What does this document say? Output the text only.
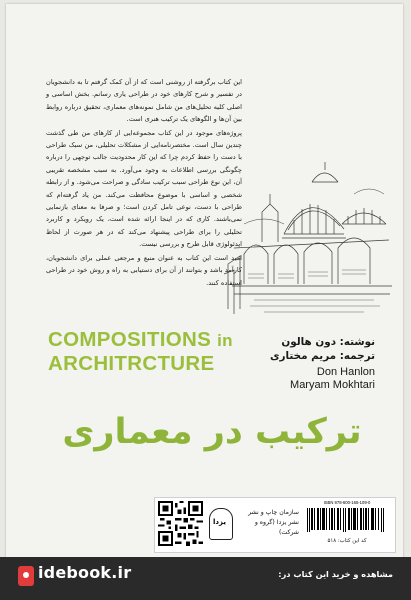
این کتاب برگرفته از روشنی است که از آن کمک گرفتم تا به دانشجویان در تفسیر و شرح کارهای خود در طراحی یاری رسانم. بخش اساسی و اصلی کلیه تحلیل‌های من شامل نمونه‌های معماری، تحقیق درباره روابط بین آن‌ها و الگوهای یک ترکیب هنری است.

پروژه‌های موجود در این کتاب مجموعه‌ایی از کارهای من طی گذشت چندین سال است. مختصرنامه‌ایی از مشکلات تحلیلی، من سبک طراحی با دست را حفظ کردم چرا که این کار محدودیت جالب توجهی را درباره چگونگی بررسی اطلاعات به وجود می‌آورد. به سبب مشخصه تقریبی آن، این نوع طراحی سبب ترکیب سادگی و صراحت می‌شود. و از رابطه شخصی و اساسی با موضوع محافظت می‌کند. من یاد گرفته‌ام که طراحی با دست، نوعی تامل کردن است؛ و صرفا به معنای بازنمایی نمی‌باشند. کاری که در اینجا ارائه شده است، یک رویکرد و کاربرد تحلیلی را برای طراحی پیشنهاد می‌کند که در هر صورت از لحاظ ایدئولوژی قابل طرح و بررسی نیست.

امید است این کتاب به عنوان منبع و مرجعی عملی برای دانشجویان، کارآمد باشد و بتوانند از آن برای دستیابی به راه و روش خود در طراحی استفاده کنند.

COMPOSITIONS in
ARCHITRCTURE
نوشته: دون هالون
ترجمه: مریم مختاری
Don Hanlon
Maryam Mokhtari
ترکیب در معماری
یزدا
سازمان چاپ و نشر
نشر یزدا (گروه و شرکت)
ISBN 978-600-165-109-0
کد این کتاب: ۵۱۸
idebook.ir	مشاهده و خرید این کتاب در:
